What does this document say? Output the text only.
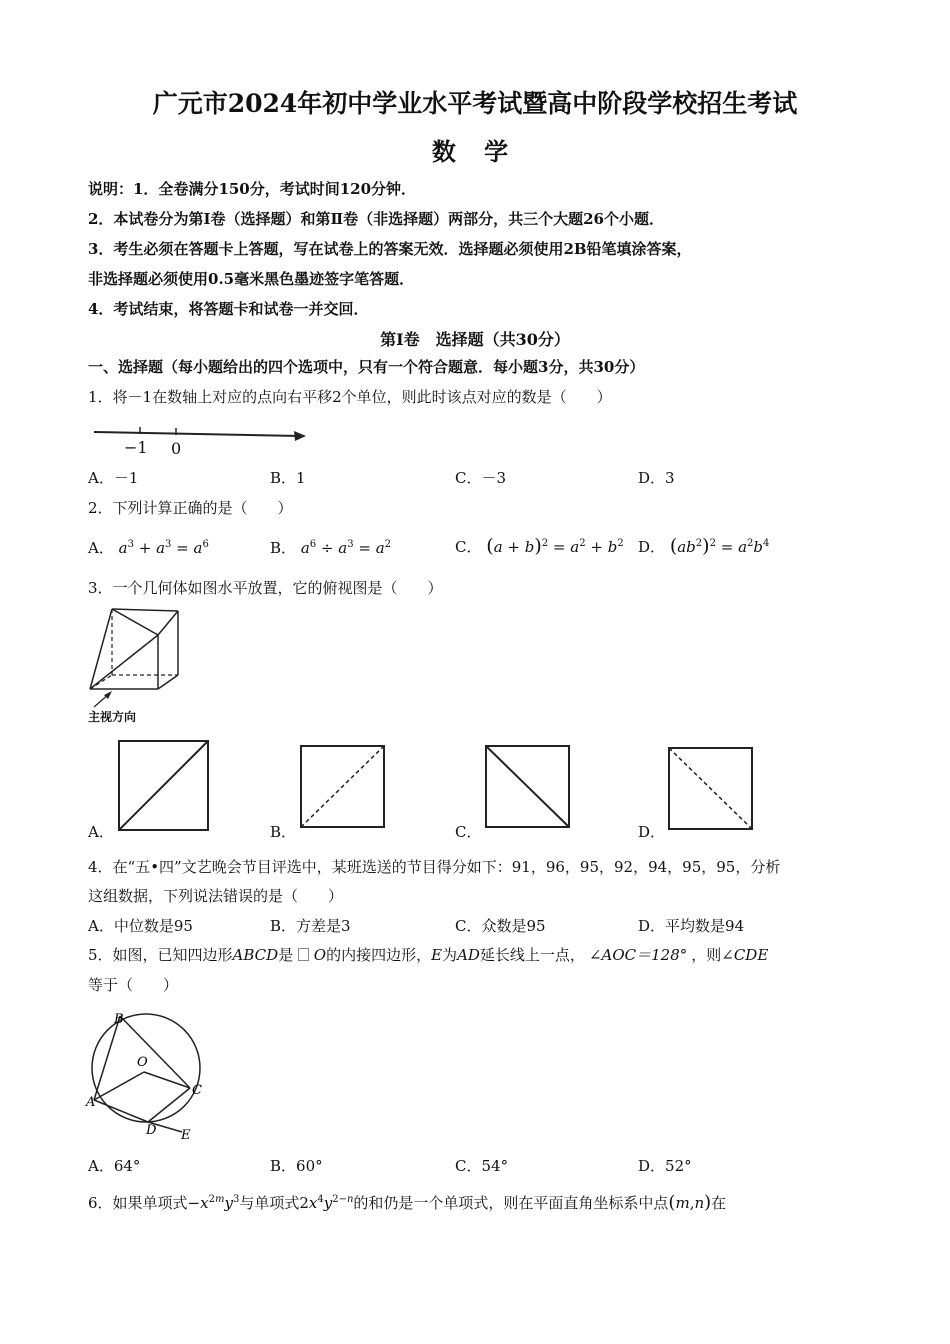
广元市2024年初中学业水平考试暨高中阶段学校招生考试
数 学
说明：1．全卷满分150分，考试时间120分钟．
2．本试卷分为第Ⅰ卷（选择题）和第Ⅱ卷（非选择题）两部分，共三个大题26个小题．
3．考生必须在答题卡上答题，写在试卷上的答案无效．选择题必须使用2B铅笔填涂答案，
非选择题必须使用0.5毫米黑色墨迹签字笔答题．
4．考试结束，将答题卡和试卷一并交回．
第Ⅰ卷　选择题（共30分）
一、选择题（每小题给出的四个选项中，只有一个符合题意．每小题3分，共30分）
1．将－1在数轴上对应的点向右平移2个单位，则此时该点对应的数是（　　）
−1 0
A．－1	B．1	C．－3	D．3
2．下列计算正确的是（　　）
A． $a^3 + a^3 = a^6$	B． $a^6 \div a^3 = a^2$	C． $(a + b)^2 = a^2 + b^2$ D． $(ab^2)^2 = a^2b^4$
3．一个几何体如图水平放置，它的俯视图是（　　）
主视方向
A．	B．	C．	D．
4．在“五•四”文艺晚会节目评选中，某班选送的节目得分如下：91，96，95，92，94，95，95，分析
这组数据，下列说法错误的是（　　）
A．中位数是95	B．方差是3	C．众数是95	D．平均数是94
5．如图，已知四边形ABCD是 O的内接四边形，E为AD延长线上一点， ∠AOC＝128° ，则∠CDE
等于（　　）
B
O
C
A
D E
A．64°	B．60°	C．54°	D．52°
6．如果单项式$-x^{2m}y^3$与单项式$2x^4y^{2-n}$的和仍是一个单项式，则在平面直角坐标系中点(m,n)在
